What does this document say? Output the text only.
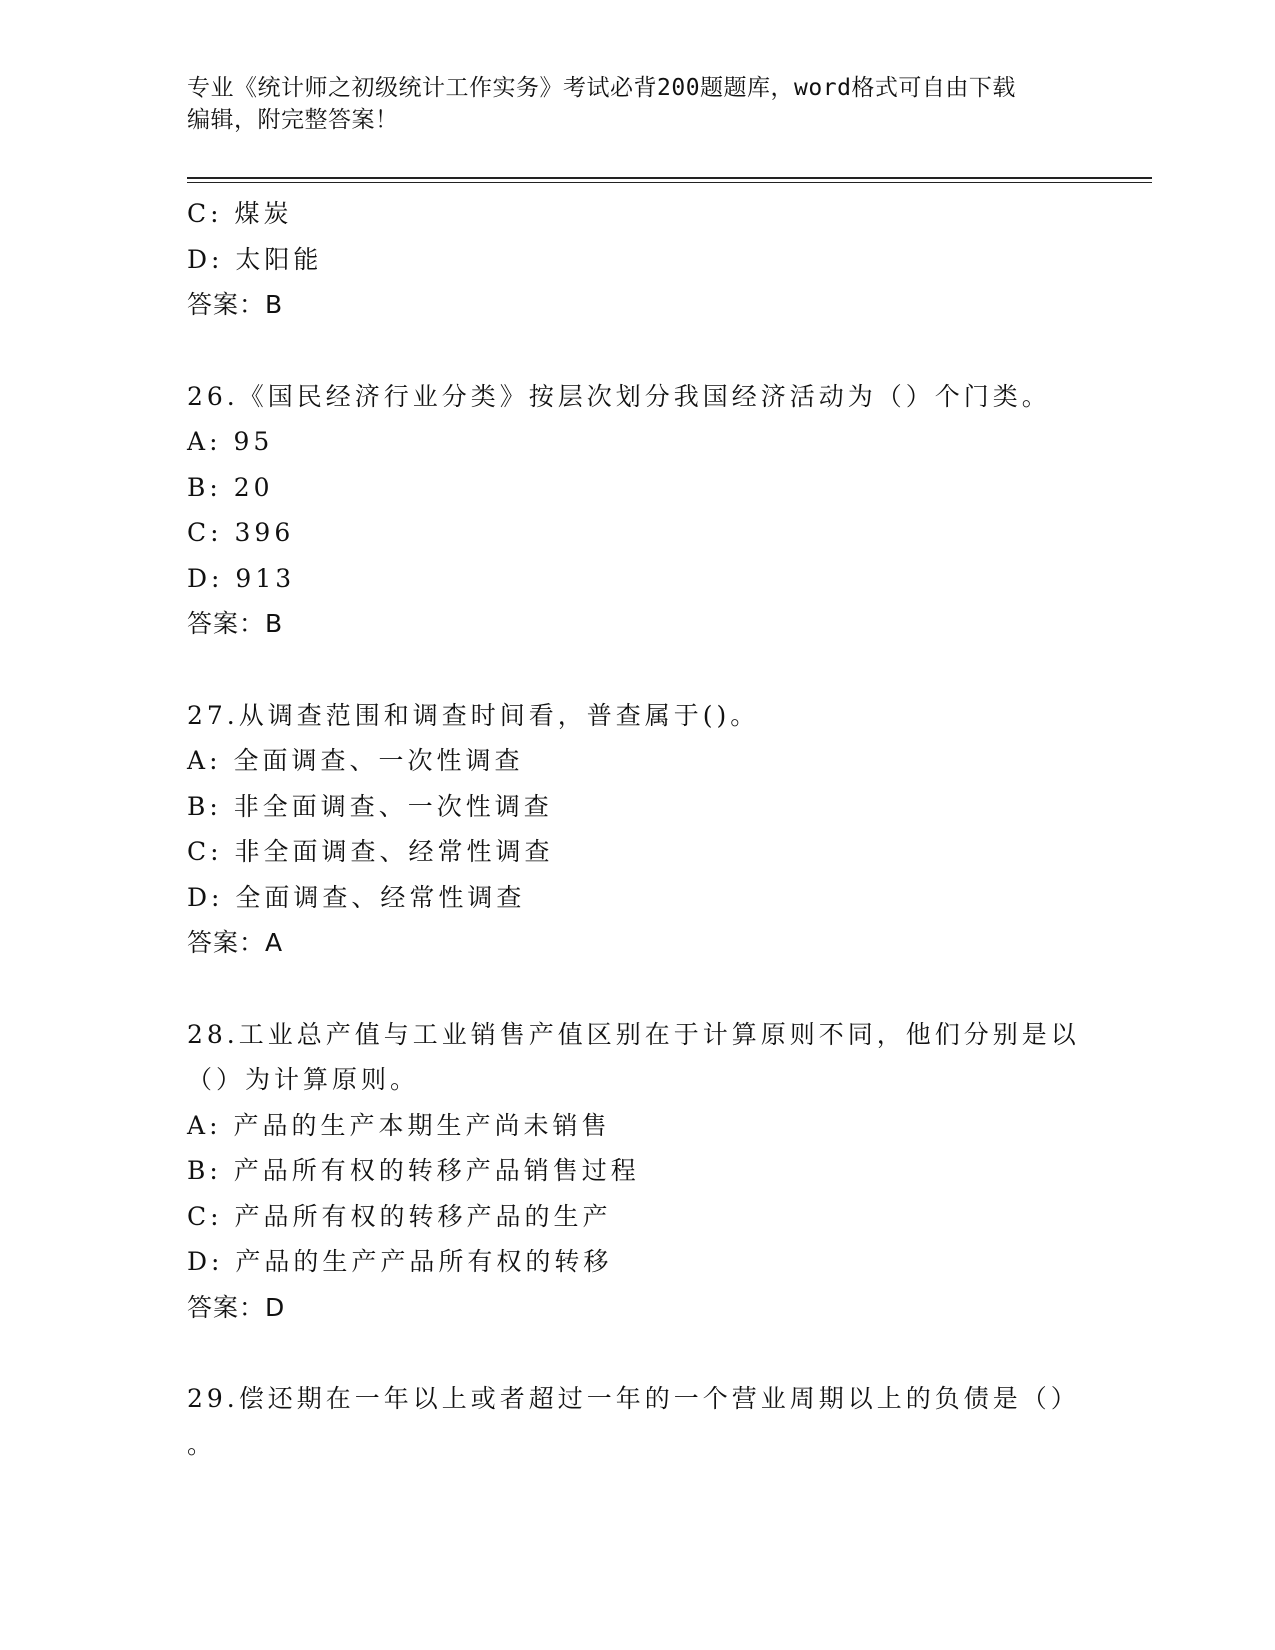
专业《统计师之初级统计工作实务》考试必背200题题库，word格式可自由下载
编辑，附完整答案！
C: 煤炭
D: 太阳能
答案：B
26.《国民经济行业分类》按层次划分我国经济活动为（）个门类。
A: 95
B: 20
C: 396
D: 913
答案：B
27.从调查范围和调查时间看，普查属于()。
A: 全面调查、一次性调查
B: 非全面调查、一次性调查
C: 非全面调查、经常性调查
D: 全面调查、经常性调查
答案：A
28.工业总产值与工业销售产值区别在于计算原则不同，他们分别是以
（）为计算原则。
A: 产品的生产本期生产尚未销售
B: 产品所有权的转移产品销售过程
C: 产品所有权的转移产品的生产
D: 产品的生产产品所有权的转移
答案：D
29.偿还期在一年以上或者超过一年的一个营业周期以上的负债是（）
。
